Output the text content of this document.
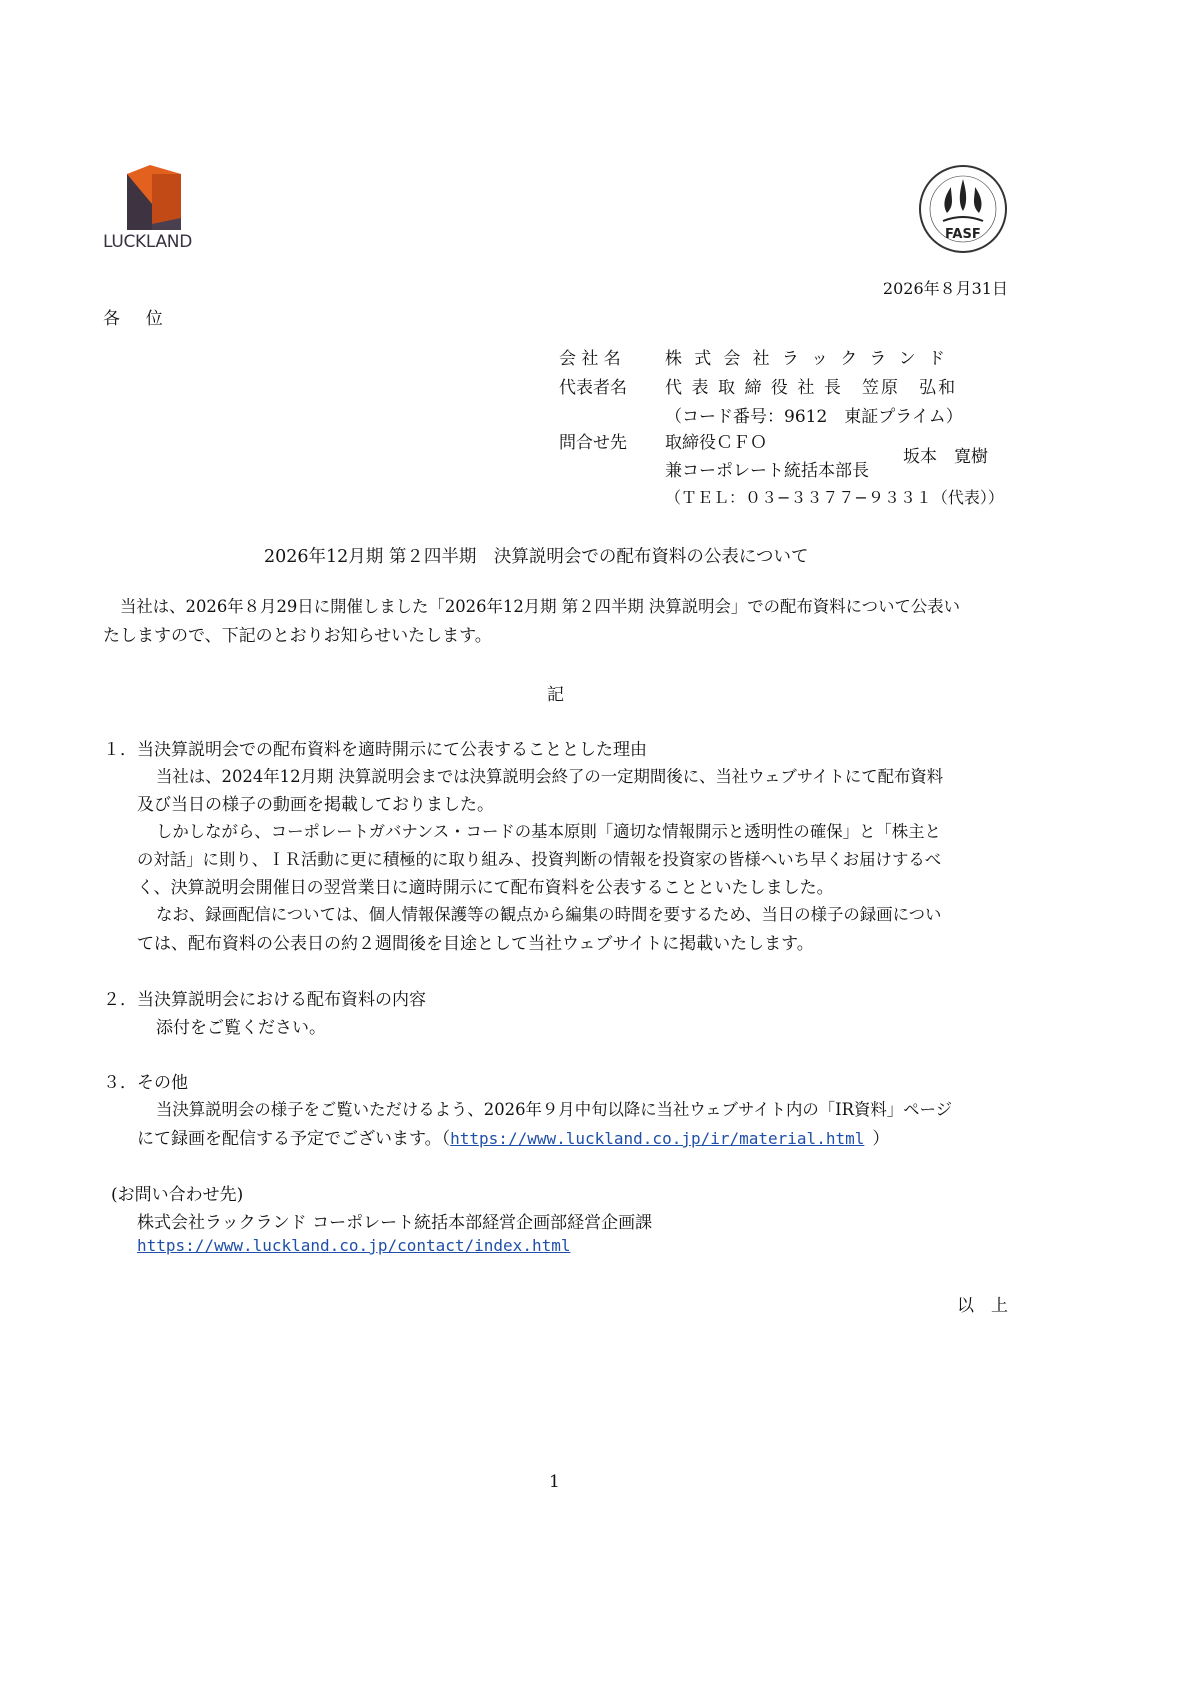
LUCKLAND	FASF
2026年８月31日
各 位
会 社 名	株 式 会 社 ラ ッ ク ラ ン ド
代表者名 代 表 取 締 役 社 長　笠原　弘和
（コード番号：9612　東証プライム）
問合せ先 取締役ＣＦＯ
兼コーポレート統括本部長
坂本　寛樹
（ＴＥＬ：０３−３３７７−９３３１（代表））
2026年12月期 第２四半期　決算説明会での配布資料の公表について
当社は、2026年８月29日に開催しました「2026年12月期 第２四半期 決算説明会」での配布資料について公表い
たしますので、下記のとおりお知らせいたします。
記
１．当決算説明会での配布資料を適時開示にて公表することとした理由
当社は、2024年12月期 決算説明会までは決算説明会終了の一定期間後に、当社ウェブサイトにて配布資料
及び当日の様子の動画を掲載しておりました。
しかしながら、コーポレートガバナンス・コードの基本原則「適切な情報開示と透明性の確保」と「株主と
の対話」に則り、ＩＲ活動に更に積極的に取り組み、投資判断の情報を投資家の皆様へいち早くお届けするべ
く、決算説明会開催日の翌営業日に適時開示にて配布資料を公表することといたしました。
なお、録画配信については、個人情報保護等の観点から編集の時間を要するため、当日の様子の録画につい
ては、配布資料の公表日の約２週間後を目途として当社ウェブサイトに掲載いたします。
２．当決算説明会における配布資料の内容
添付をご覧ください。
３．その他
当決算説明会の様子をご覧いただけるよう、2026年９月中旬以降に当社ウェブサイト内の「IR資料」ページ
にて録画を配信する予定でございます。（https://www.luckland.co.jp/ir/material.html ）
(お問い合わせ先)
株式会社ラックランド コーポレート統括本部経営企画部経営企画課
https://www.luckland.co.jp/contact/index.html
以　上
1
